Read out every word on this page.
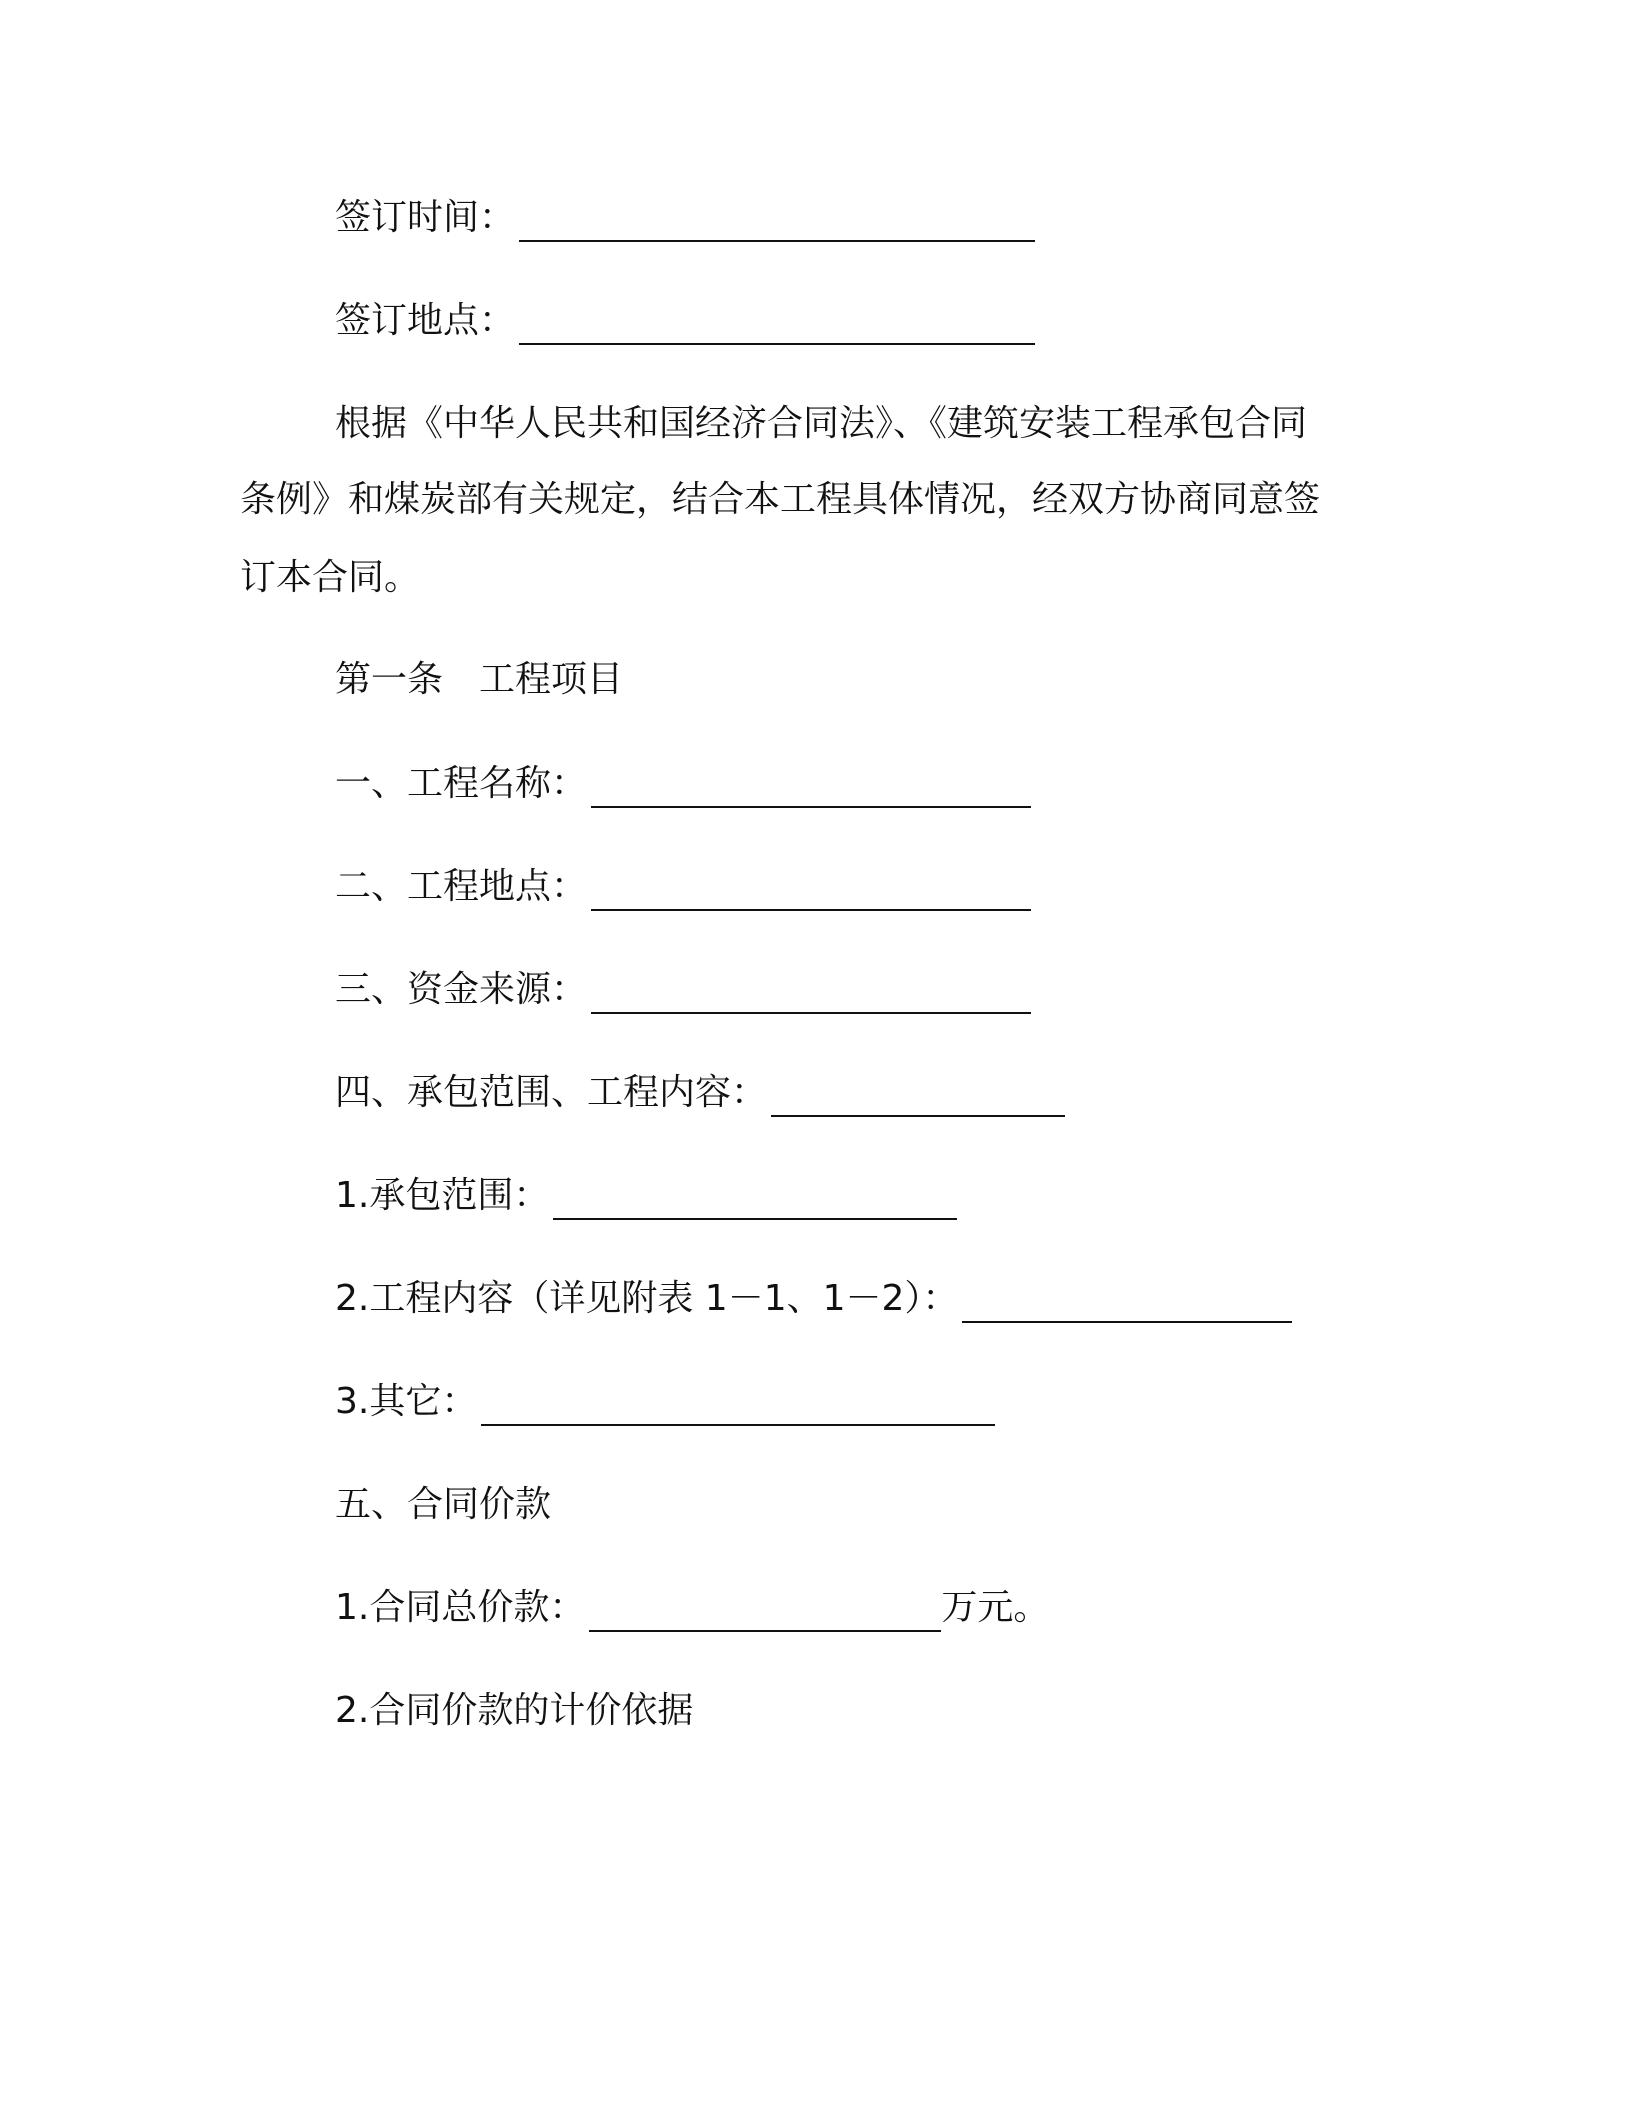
签订时间：
签订地点：
根据《中华人民共和国经济合同法》、《建筑安装工程承包合同
条例》和煤炭部有关规定，结合本工程具体情况，经双方协商同意签
订本合同。
第一条 工程项目
一、工程名称：
二、工程地点：
三、资金来源：
四、承包范围、工程内容：
1.承包范围：
2.工程内容（详见附表 1－1、1－2）：
3.其它：
五、合同价款
1.合同总价款：	万元。
2.合同价款的计价依据
